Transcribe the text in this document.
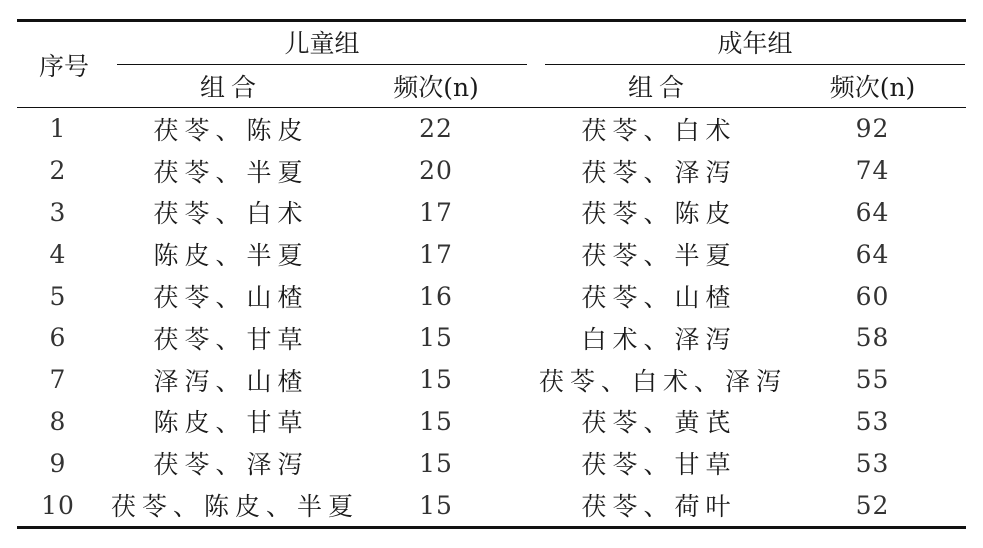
序号	儿童组			成年组	

	组合	频次(n)		组合	频次(n)
1	茯苓、陈皮	22		茯苓、白术	92
2	茯苓、半夏	20		茯苓、泽泻	74
3	茯苓、白术	17		茯苓、陈皮	64
4	陈皮、半夏	17		茯苓、半夏	64
5	茯苓、山楂	16		茯苓、山楂	60
6	茯苓、甘草	15		白术、泽泻	58
7	泽泻、山楂	15		茯苓、白术、泽泻	55
8	陈皮、甘草	15		茯苓、黄芪	53
9	茯苓、泽泻	15		茯苓、甘草	53
10	茯苓、陈皮、半夏	15		茯苓、荷叶	52
